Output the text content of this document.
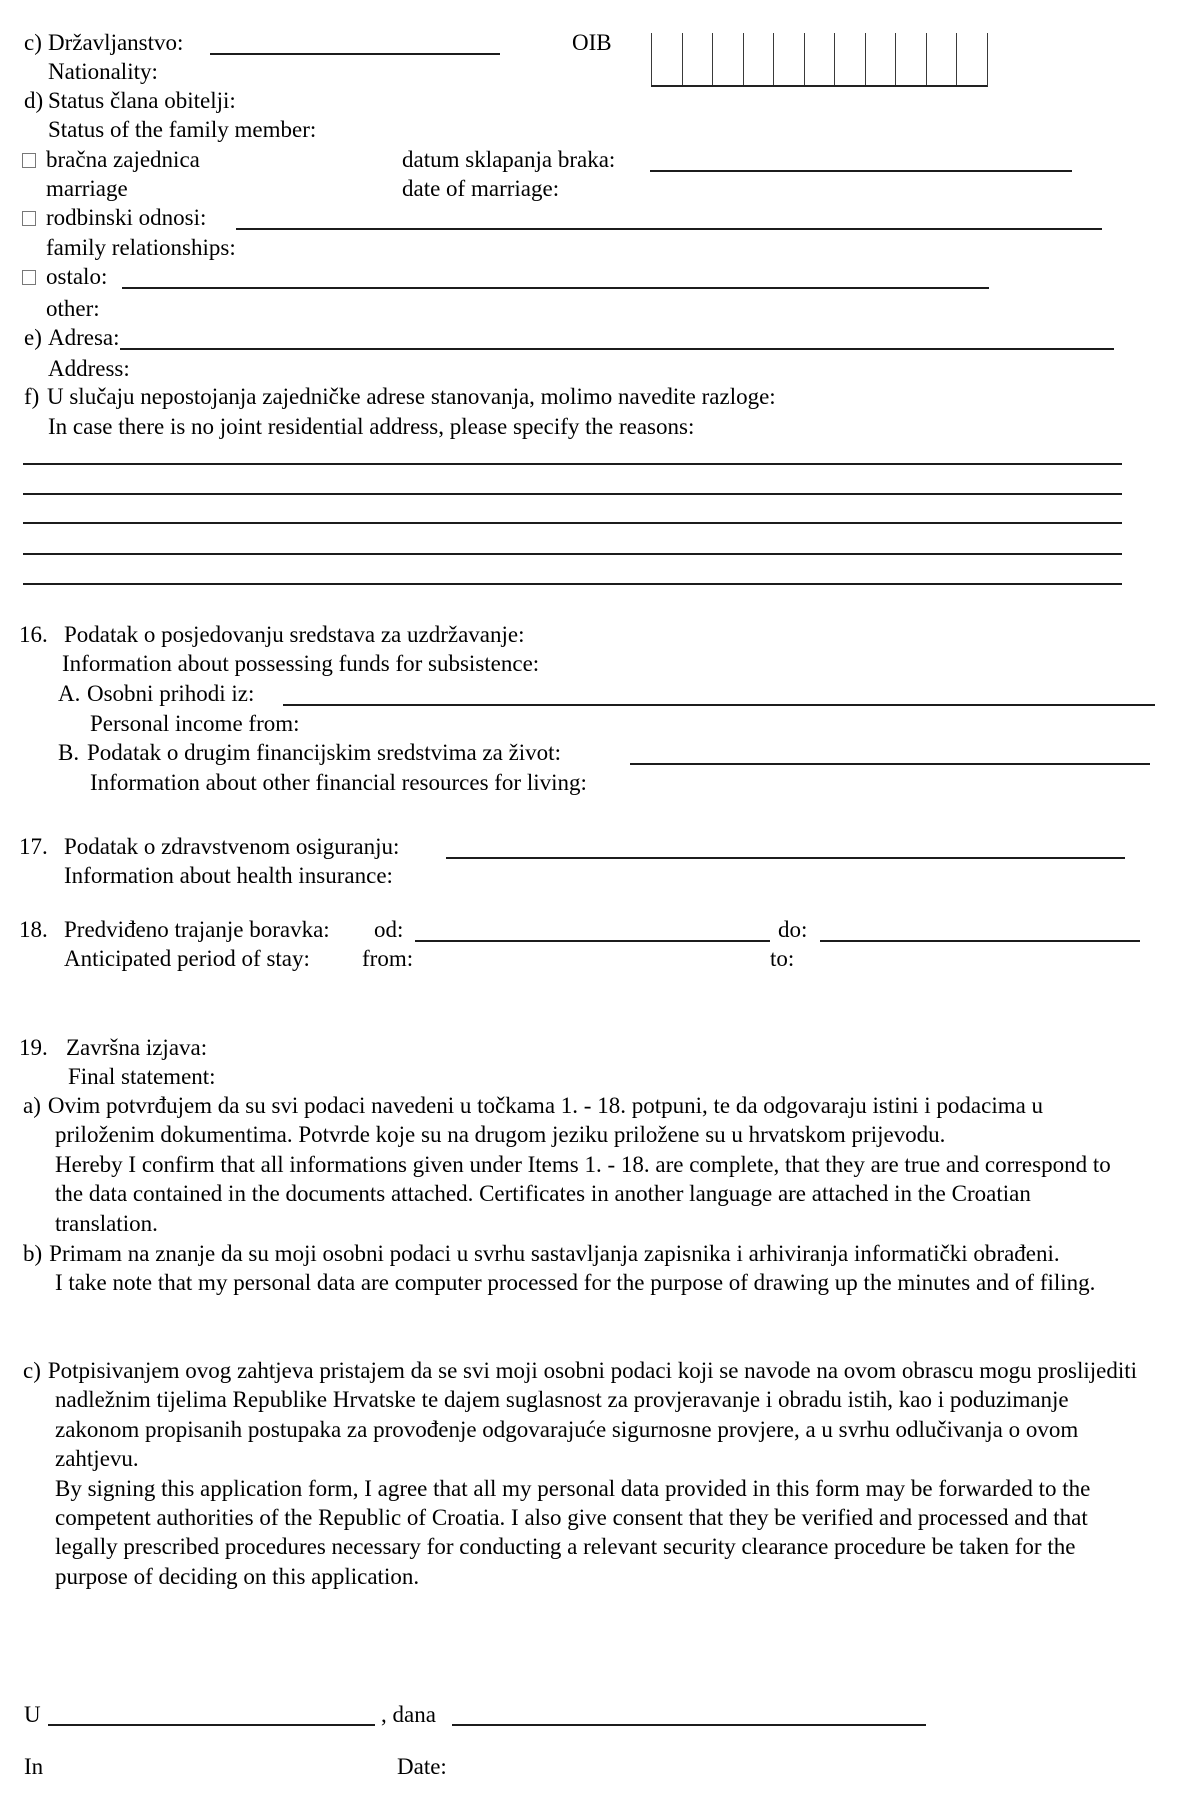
c) Državljanstvo:	OIB
Nationality:
d) Status člana obitelji:
Status of the family member:
bračna zajednica	datum sklapanja braka:
marriage	date of marriage:
rodbinski odnosi:
family relationships:
ostalo:
other:
e) Adresa:
Address:
f) U slučaju nepostojanja zajedničke adrese stanovanja, molimo navedite razloge:
In case there is no joint residential address, please specify the reasons:
16. Podatak o posjedovanju sredstava za uzdržavanje:
Information about possessing funds for subsistence:
A. Osobni prihodi iz:
Personal income from:
B. Podatak o drugim financijskim sredstvima za život:
Information about other financial resources for living:
17. Podatak o zdravstvenom osiguranju:
Information about health insurance:
18. Predviđeno trajanje boravka: od:	do:
Anticipated period of stay: from:	to:
19. Završna izjava:
Final statement:

a) Ovim potvrđujem da su svi podaci navedeni u točkama 1. - 18. potpuni, te da odgovaraju istini i podacima u priloženim dokumentima. Potvrde koje su na drugom jeziku priložene su u hrvatskom prijevodu.

Hereby I confirm that all informations given under Items 1. - 18. are complete, that they are true and correspond to the data contained in the documents attached. Certificates in another language are attached in the Croatian translation.

b) Primam na znanje da su moji osobni podaci u svrhu sastavljanja zapisnika i arhiviranja informatički obrađeni.

I take note that my personal data are computer processed for the purpose of drawing up the minutes and of filing.

c) Potpisivanjem ovog zahtjeva pristajem da se svi moji osobni podaci koji se navode na ovom obrascu mogu proslijediti nadležnim tijelima Republike Hrvatske te dajem suglasnost za provjeravanje i obradu istih, kao i poduzimanje zakonom propisanih postupaka za provođenje odgovarajuće sigurnosne provjere, a u svrhu odlučivanja o ovom zahtjevu.

By signing this application form, I agree that all my personal data provided in this form may be forwarded to the competent authorities of the Republic of Croatia. I also give consent that they be verified and processed and that legally prescribed procedures necessary for conducting a relevant security clearance procedure be taken for the purpose of deciding on this application.

U	, dana
In	Date:
